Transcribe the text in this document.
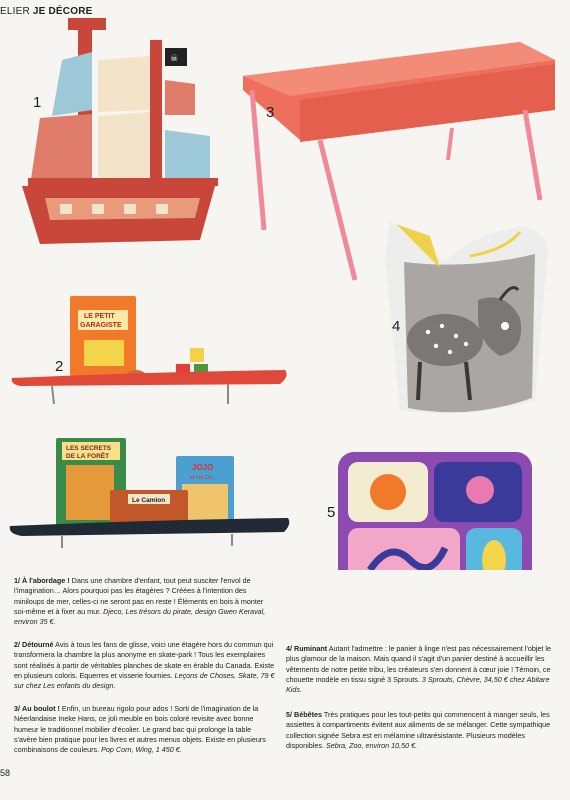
ELIER JE DÉCORE
☠
LE PETIT
GARAGISTE
LES SECRETS
DE LA FORÊT
JOJO
et les Ch...
Le Camion
1
2
3
4
5
1/ À l'abordage ! Dans une chambre d'enfant, tout peut susciter l'envol de l'imagination… Alors pourquoi pas les étagères ? Créées à l'intention des miniloups de mer, celles-ci ne seront pas en reste ! Éléments en bois à monter soi-même et à fixer au mur. Djeco, Les trésors du pirate, design Gwen Keraval, environ 35 €.
2/ Détourné Avis à tous les fans de glisse, voici une étagère hors du commun qui transformera la chambre la plus anonyme en skate-park ! Tous les exemplaires sont réalisés à partir de véritables planches de skate en érable du Canada. Existe en plusieurs coloris. Equerres et visserie fournies. Leçons de Choses, Skate, 79 € sur chez Les enfants du design.
3/ Au boulot ! Enfin, un bureau rigolo pour ados ! Sorti de l'imagination de la Néerlandaise Ineke Hans, ce joli meuble en bois coloré revisite avec bonne humeur le traditionnel mobilier d'écolier. Le grand bac qui prolonge la table s'avère bien pratique pour les livres et autres menus objets. Existe en plusieurs combinaisons de couleurs. Pop Corn, Wing, 1 450 €.
4/ Ruminant Autant l'admettre : le panier à linge n'est pas nécessairement l'objet le plus glamour de la maison. Mais quand il s'agit d'un panier destiné à accueillir les vêtements de notre petite tribu, les créateurs s'en donnent à cœur joie ! Témoin, ce chouette modèle en tissu signé 3 Sprouts. 3 Sprouts, Chèvre, 34,50 € chez Abitare Kids.
5/ Bébêtes Très pratiques pour les tout-petits qui commencent à manger seuls, les assiettes à compartiments évitent aux aliments de se mélanger. Cette sympathique collection signée Sebra est en mélamine ultrarésistante. Plusieurs modèles disponibles. Sebra, Zoo, environ 10,50 €.
58
